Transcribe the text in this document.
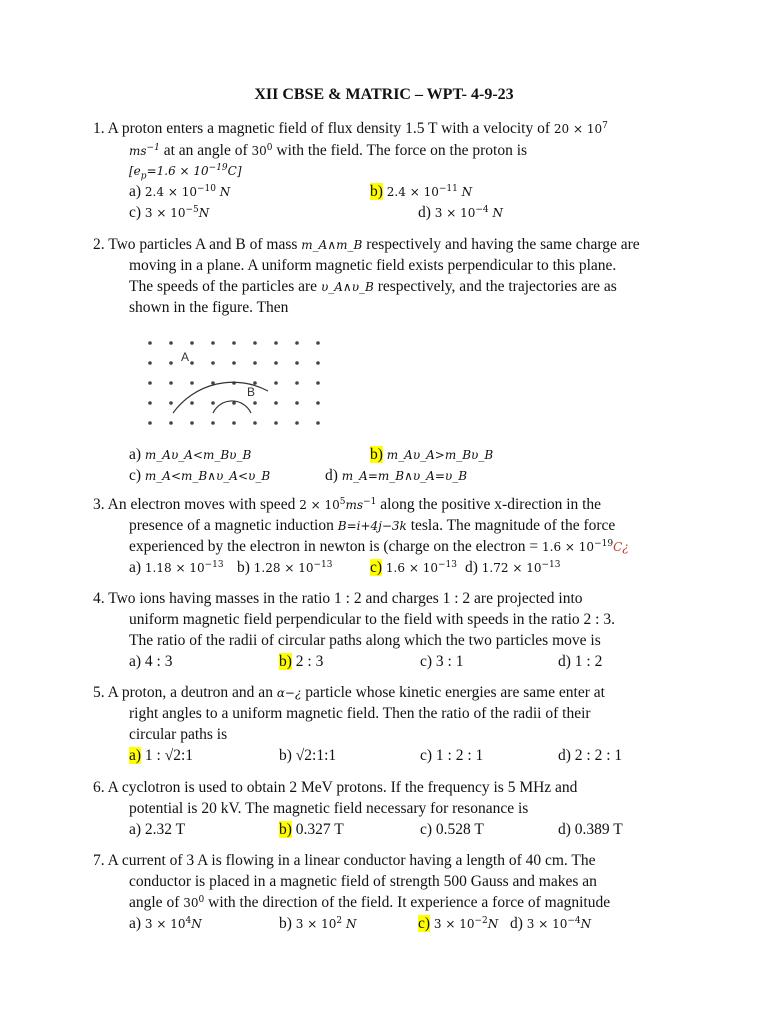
XII CBSE & MATRIC – WPT- 4-9-23
1. A proton enters a magnetic field of flux density 1.5 T with a velocity of $20 \times 10^7$
$ms^{-1}$ at an angle of $30^0$ with the field. The force on the proton is
$[e_p=1.6 \times 10^{-19}C]$
a) $2.4 \times 10^{-10}$ N	b) $2.4 \times 10^{-11}$ N
c) $3 \times 10^{-5}N$	d) $3 \times 10^{-4}$ N
2. Two particles A and B of mass m_A∧m_B respectively and having the same charge are
moving in a plane. A uniform magnetic field exists perpendicular to this plane.
The speeds of the particles are υ_A∧υ_B respectively, and the trajectories are as
shown in the figure. Then
A
B
a) m_Aυ_A<m_Bυ_B	b) m_Aυ_A>m_Bυ_B
c) m_A<m_B∧υ_A<υ_B	d) m_A=m_B∧υ_A=υ_B
3. An electron moves with speed $2 \times 10^5ms^{-1}$ along the positive x-direction in the
presence of a magnetic induction B=i+4j−3k tesla. The magnitude of the force
experienced by the electron in newton is (charge on the electron = $1.6 \times 10^{-19}C¿$
a) $1.18 \times 10^{-13}$ b) $1.28 \times 10^{-13}$ c) $1.6 \times 10^{-13}$ d) $1.72 \times 10^{-13}$
4. Two ions having masses in the ratio 1 : 2 and charges 1 : 2 are projected into
uniform magnetic field perpendicular to the field with speeds in the ratio 2 : 3.
The ratio of the radii of circular paths along which the two particles move is
a) 4 : 3	b) 2 : 3	c) 3 : 1	d) 1 : 2
5. A proton, a deutron and an α−¿ particle whose kinetic energies are same enter at
right angles to a uniform magnetic field. Then the ratio of the radii of their
circular paths is
a) 1 : √2:1	b) √2:1:1	c) 1 : 2 : 1	d) 2 : 2 : 1
6. A cyclotron is used to obtain 2 MeV protons. If the frequency is 5 MHz and
potential is 20 kV. The magnetic field necessary for resonance is
a) 2.32 T	b) 0.327 T	c) 0.528 T	d) 0.389 T
7. A current of 3 A is flowing in a linear conductor having a length of 40 cm. The
conductor is placed in a magnetic field of strength 500 Gauss and makes an
angle of $30^0$ with the direction of the field. It experience a force of magnitude
a) $3 \times 10^4N$	b) $3 \times 10^2$ N	c) $3 \times 10^{-2}N$ d) $3 \times 10^{-4}N$
